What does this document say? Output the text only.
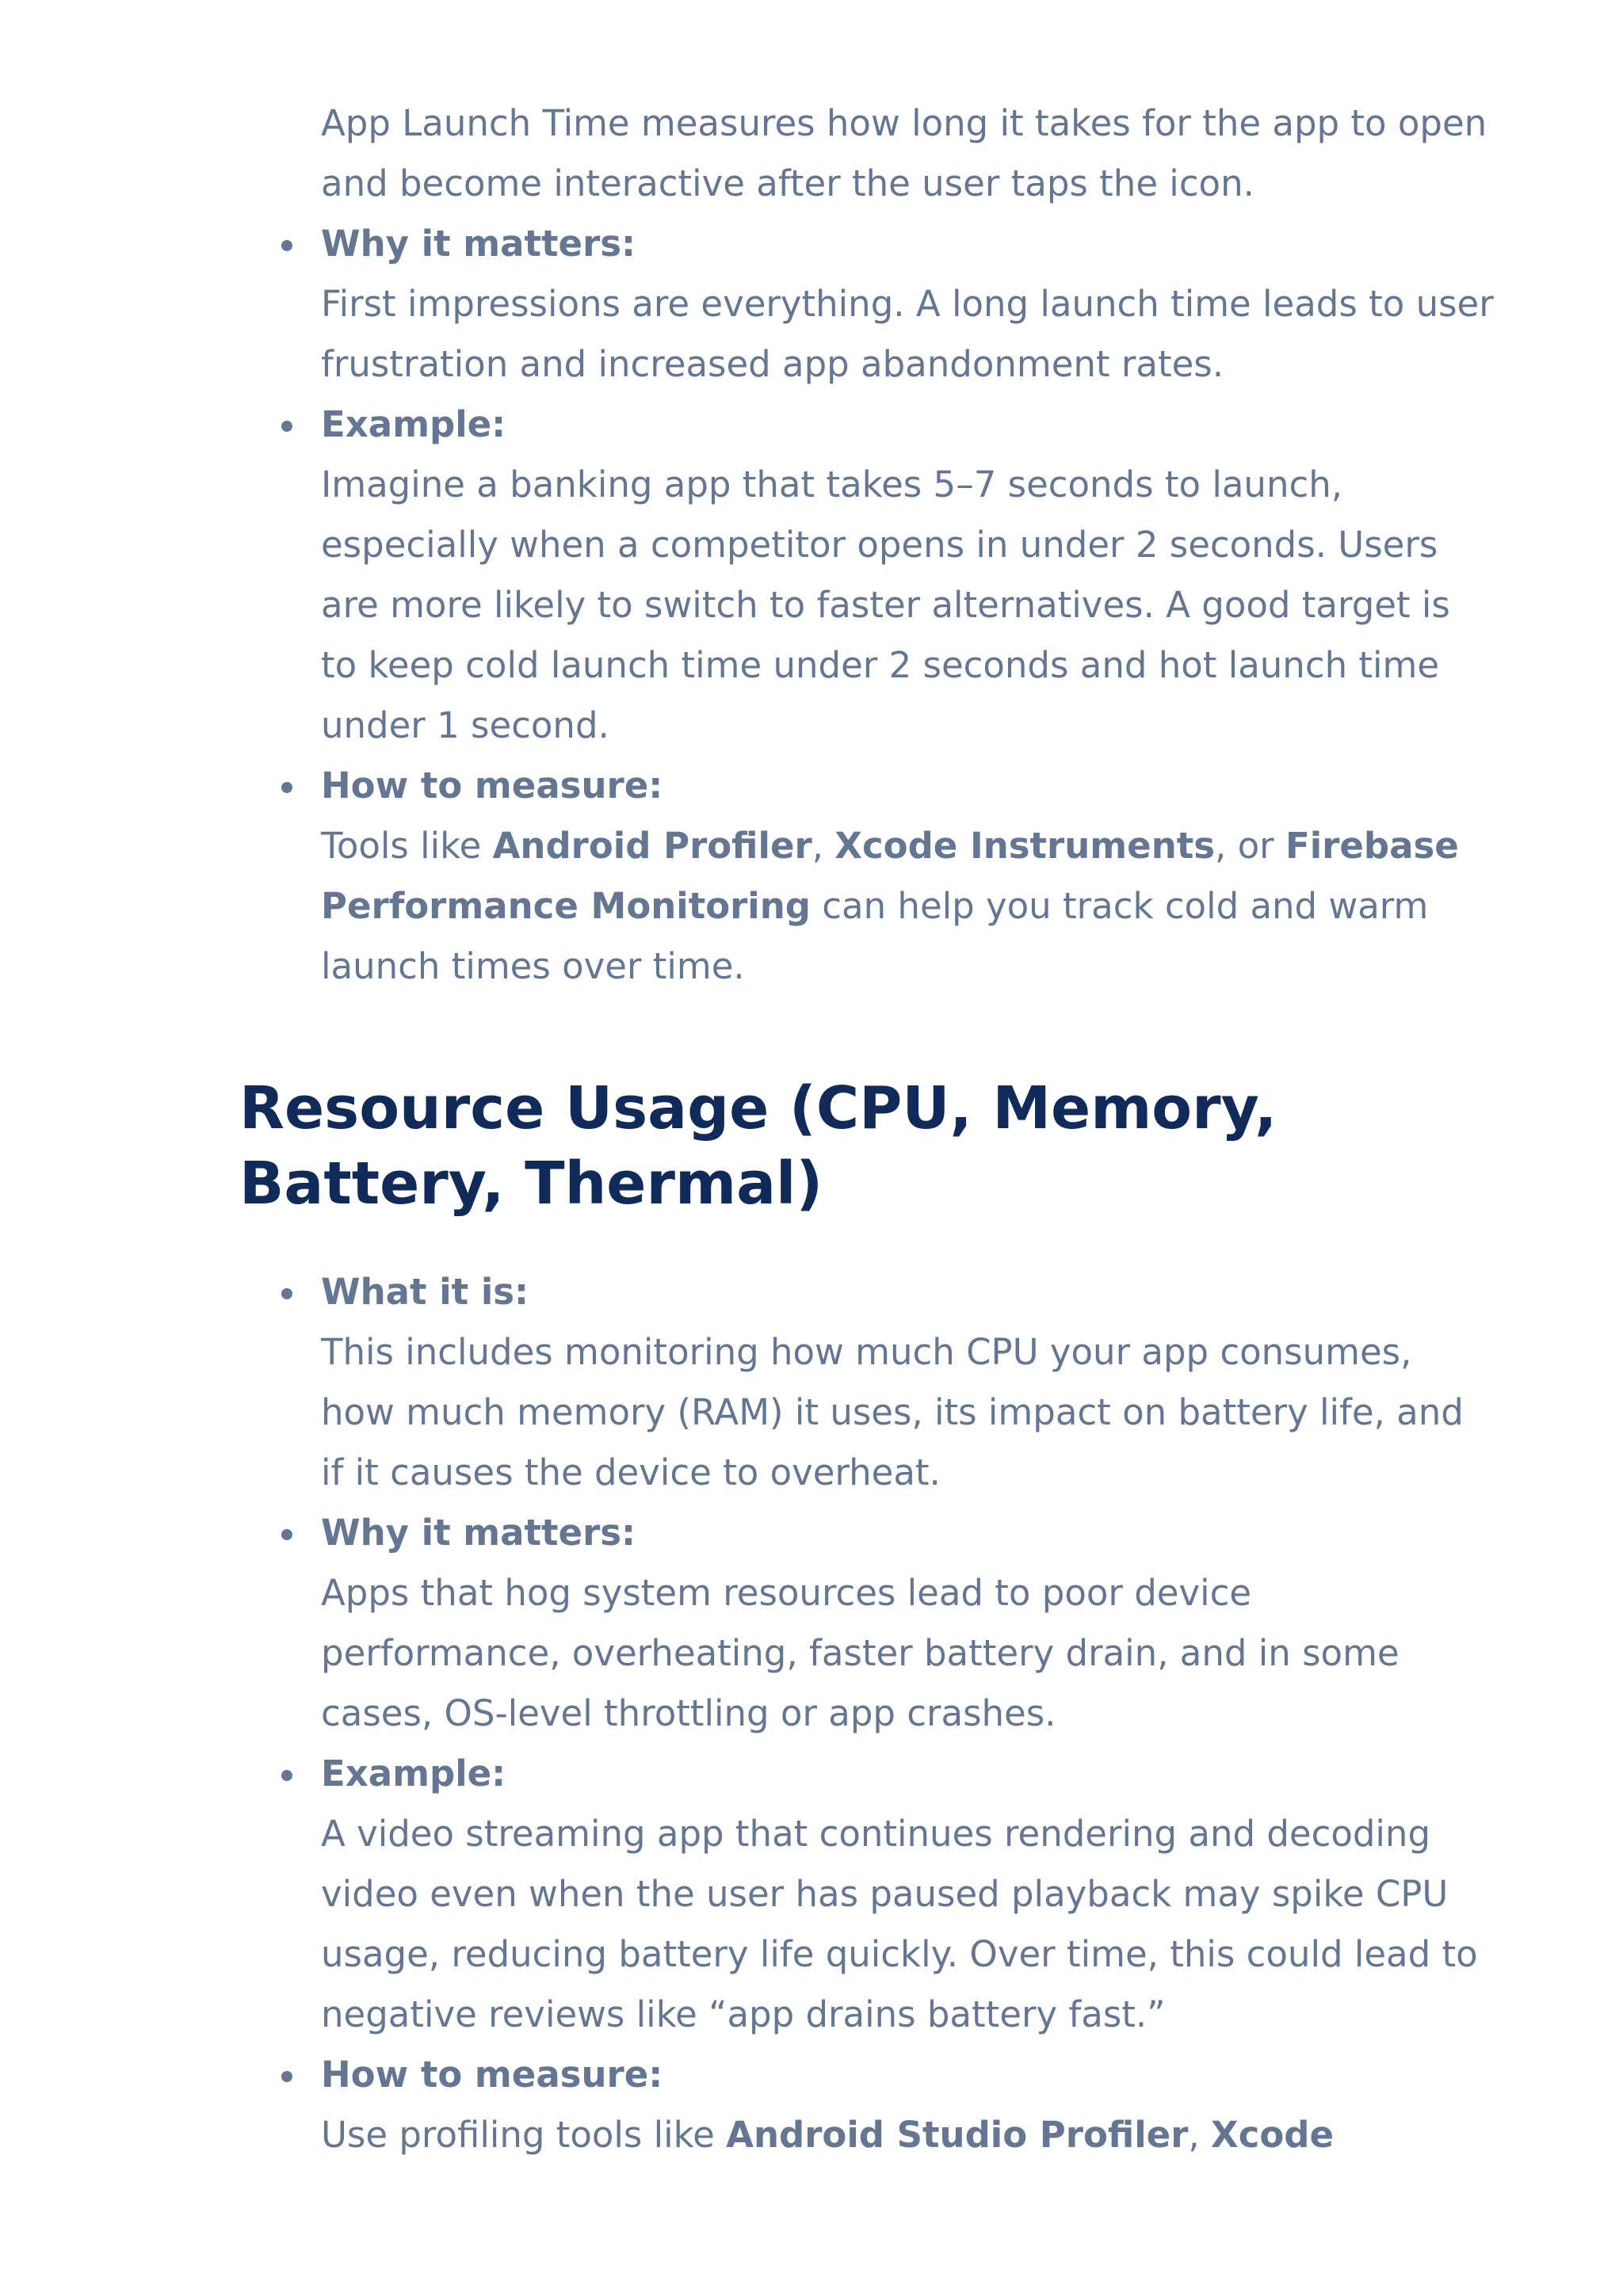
App Launch Time measures how long it takes for the app to open and become interactive after the user taps the icon.

Why it matters:
First impressions are everything. A long launch time leads to user frustration and increased app abandonment rates.
Example:
Imagine a banking app that takes 5–7 seconds to launch, especially when a competitor opens in under 2 seconds. Users are more likely to switch to faster alternatives. A good target is to keep cold launch time under 2 seconds and hot launch time under 1 second.
How to measure:
Tools like Android Profiler, Xcode Instruments, or Firebase Performance Monitoring can help you track cold and warm launch times over time.
Resource Usage (CPU, Memory, Battery, Thermal)
What it is:
This includes monitoring how much CPU your app consumes, how much memory (RAM) it uses, its impact on battery life, and if it causes the device to overheat.
Why it matters:
Apps that hog system resources lead to poor device performance, overheating, faster battery drain, and in some cases, OS-level throttling or app crashes.
Example:
A video streaming app that continues rendering and decoding video even when the user has paused playback may spike CPU usage, reducing battery life quickly. Over time, this could lead to negative reviews like “app drains battery fast.”
How to measure:
Use profiling tools like Android Studio Profiler, Xcode
